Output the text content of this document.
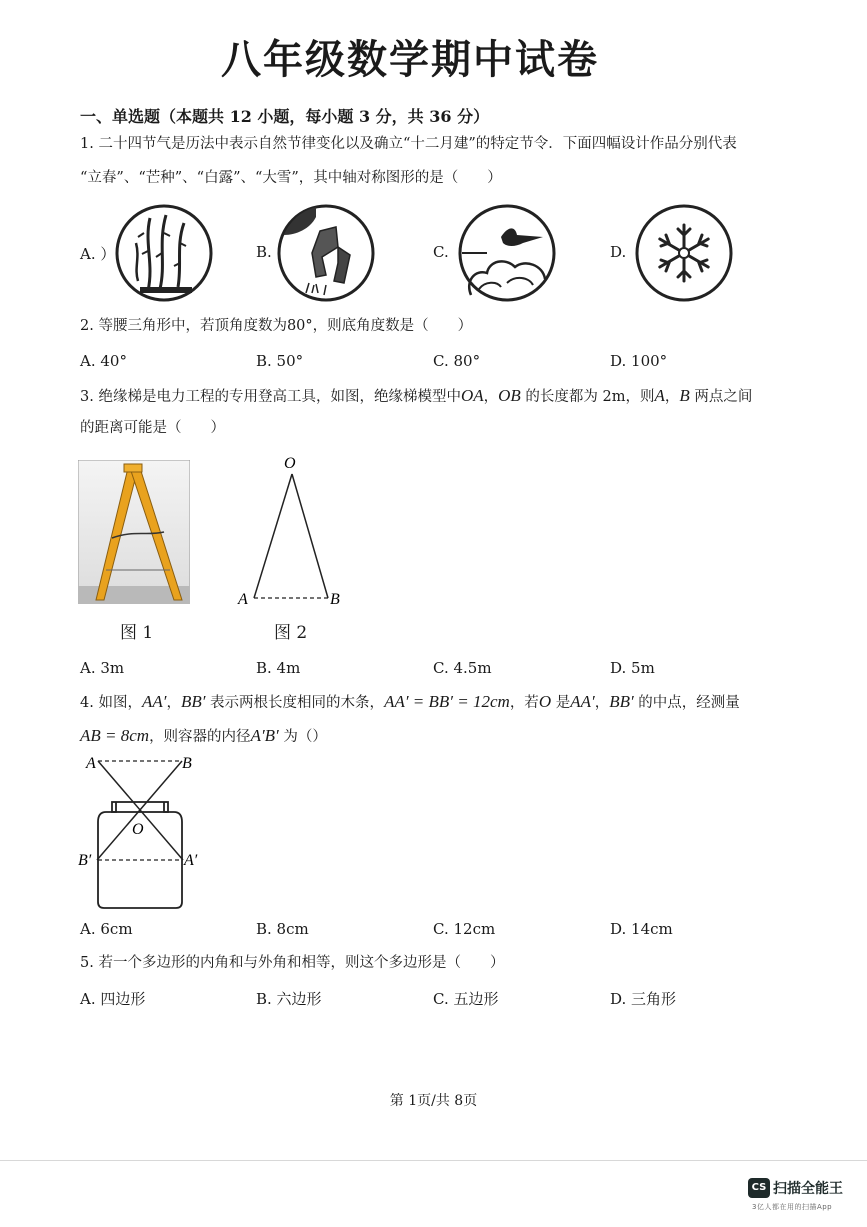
八年级数学期中试卷
一、单选题（本题共 12 小题，每小题 3 分，共 36 分）
1. 二十四节气是历法中表示自然节律变化以及确立“十二月建”的特定节令．下面四幅设计作品分别代表
“立春”、“芒种”、“白露”、“大雪”，其中轴对称图形的是（　　）
A. ）	B.	C.	D.
2. 等腰三角形中，若顶角度数为80°，则底角度数是（　　）
A. 40°	B. 50°	C. 80°	D. 100°
3. 绝缘梯是电力工程的专用登高工具，如图，绝缘梯模型中OA，OB 的长度都为 2m，则A，B 两点之间
的距离可能是（　　）
图 1
O
A	B
图 2
A. 3m	B. 4m	C. 4.5m	D. 5m
4. 如图，AA′，BB′ 表示两根长度相同的木条，AA′ = BB′ = 12cm，若O 是AA′，BB′ 的中点，经测量
AB = 8cm，则容器的内径A′B′ 为（）
A	B
O
B′	A′
A. 6cm	B. 8cm	C. 12cm	D. 14cm
5. 若一个多边形的内角和与外角和相等，则这个多边形是（　　）
A. 四边形	B. 六边形	C. 五边形	D. 三角形
第 1页/共 8页
CS 扫描全能王
3亿人都在用的扫描App
